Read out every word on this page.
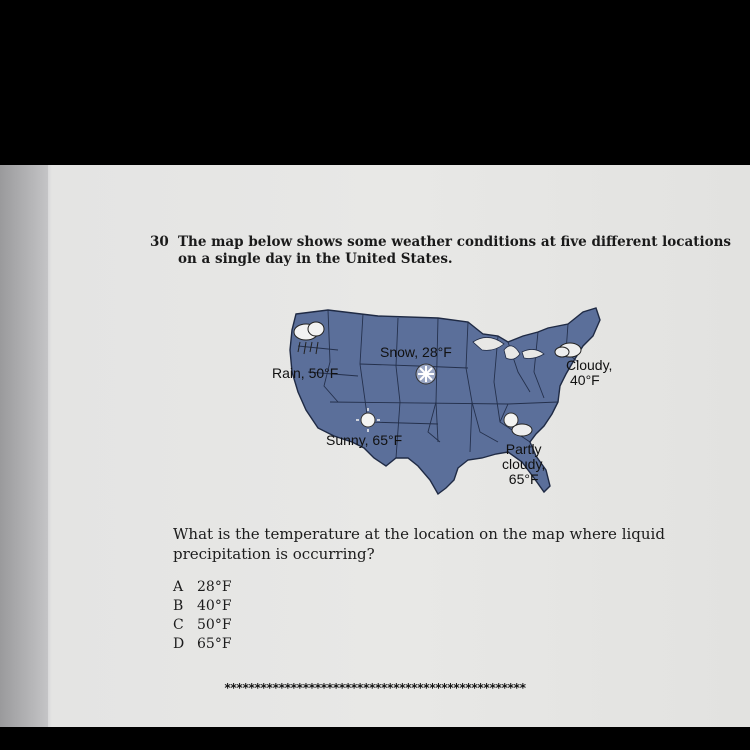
30 The map below shows some weather conditions at five different locations
on a single day in the United States.
Rain, 50°F
Snow, 28°F
Sunny, 65°F
Cloudy,
40°F
Partly
cloudy,
65°F
What is the temperature at the location on the map where liquid
precipitation is occurring?
A 28°F
B 40°F
C 50°F
D 65°F
**************************************************
